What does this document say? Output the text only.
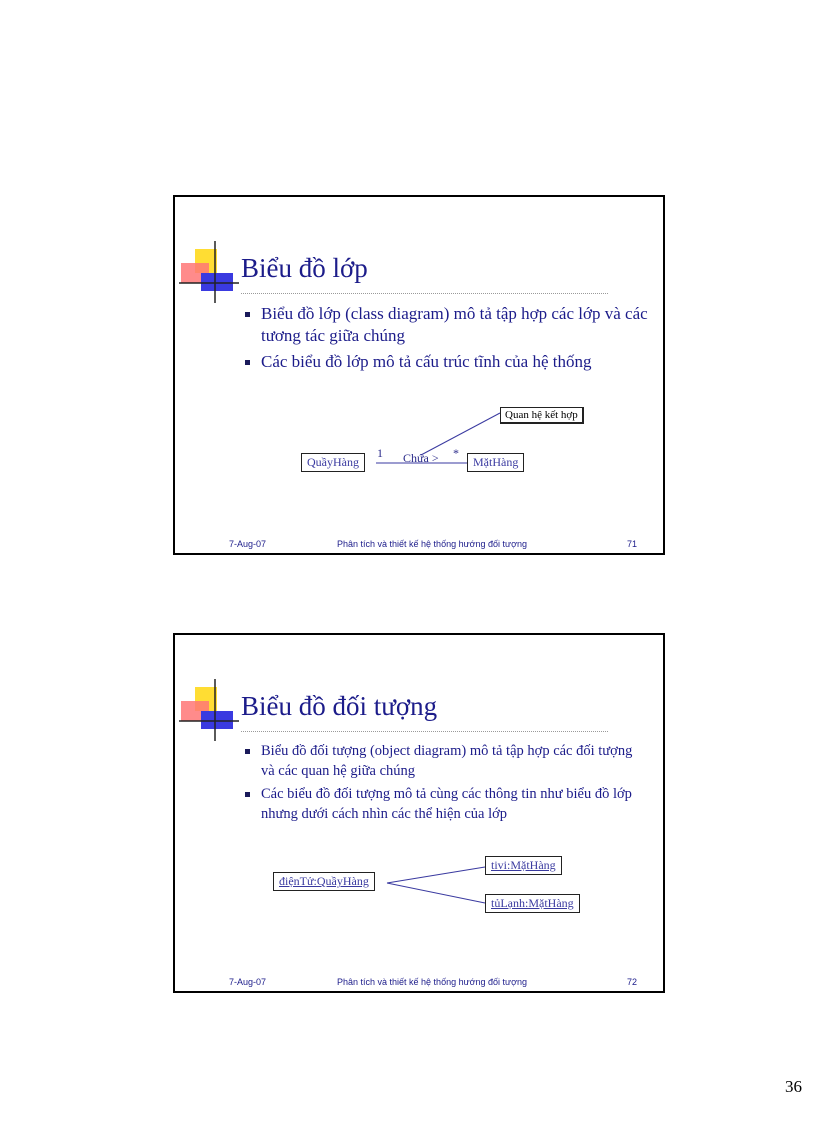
Biểu đồ lớp
Biểu đồ lớp (class diagram) mô tả tập hợp các lớp và các tương tác giữa chúng
Các biểu đồ lớp mô tả cấu trúc tĩnh của hệ thống
QuầyHàng	MặtHàng
1 Chứa > *
Quan hệ kết hợp
7-Aug-07	Phân tích và thiết kế hệ thống hướng đối tượng	71
Biểu đồ đối tượng
Biểu đồ đối tượng (object diagram) mô tả tập hợp các đối tượng và các quan hệ giữa chúng
Các biểu đồ đối tượng mô tả cùng các thông tin như biểu đồ lớp nhưng dưới cách nhìn các thể hiện của lớp
điệnTử:QuầyHàng
tivi:MặtHàng
tủLạnh:MặtHàng
7-Aug-07	Phân tích và thiết kế hệ thống hướng đối tượng	72
36
